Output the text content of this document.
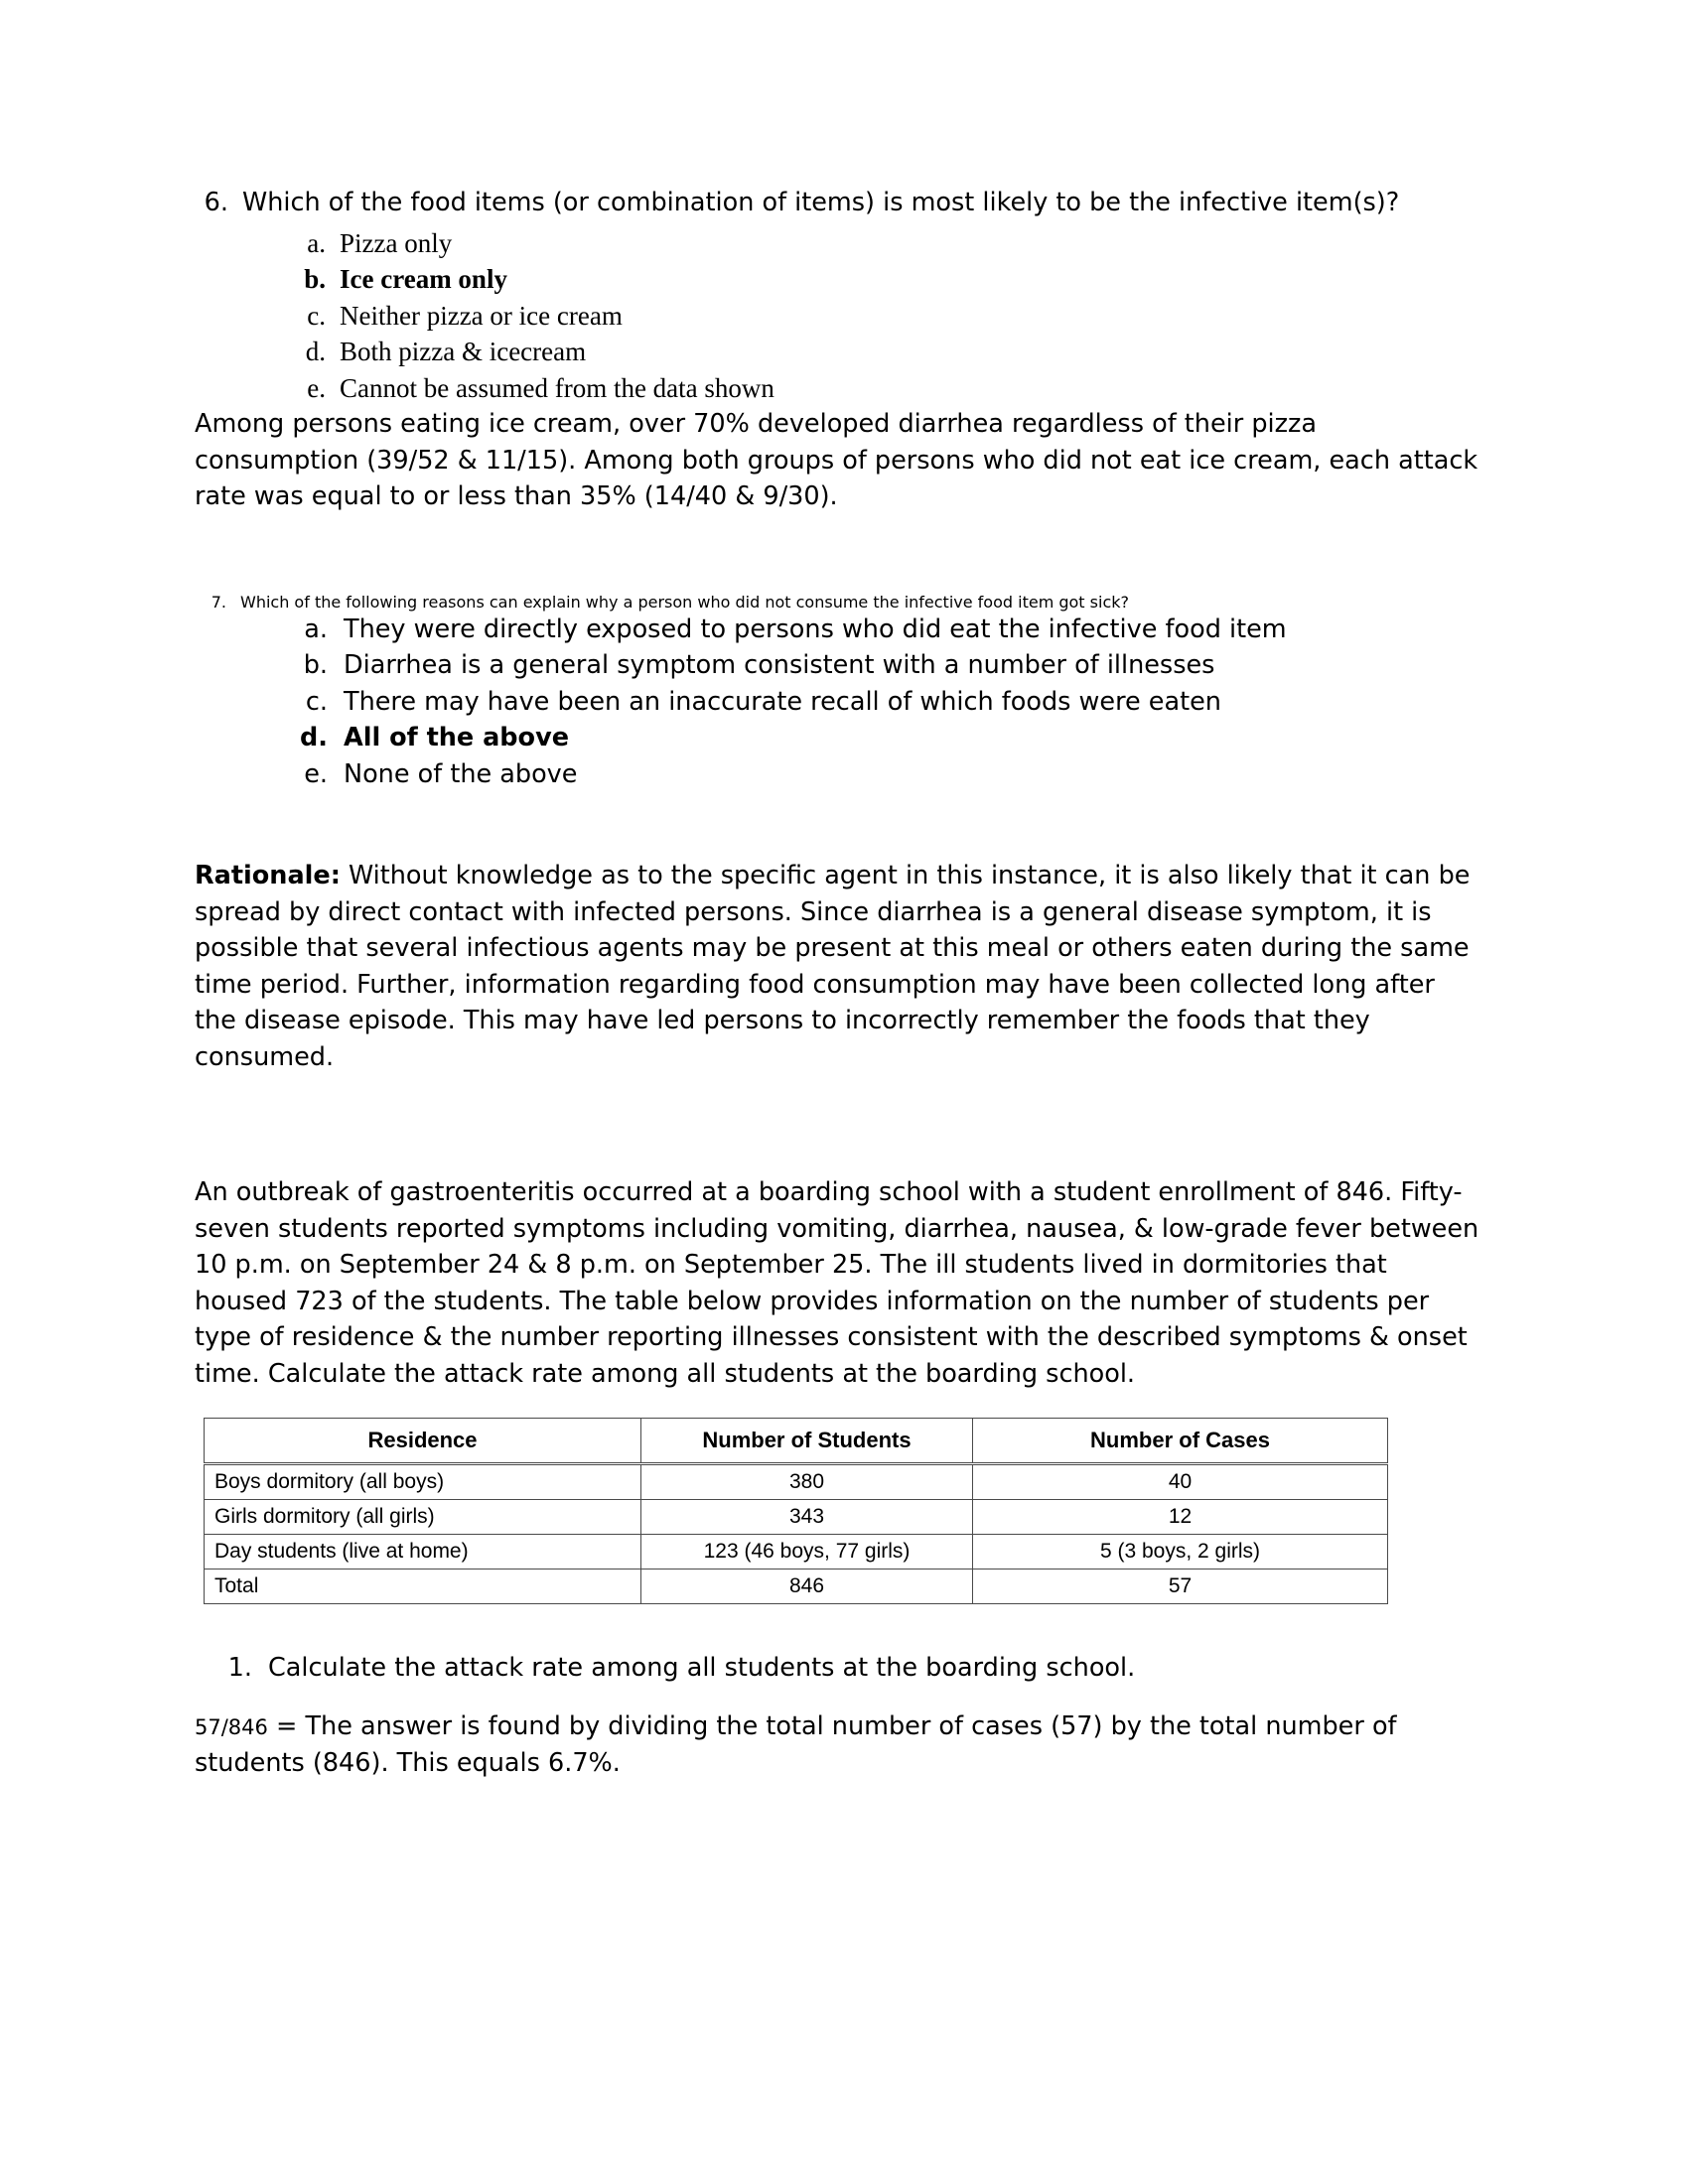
6. Which of the food items (or combination of items) is most likely to be the infective item(s)?
a. Pizza only
b. Ice cream only
c. Neither pizza or ice cream
d. Both pizza & icecream
e. Cannot be assumed from the data shown

Among persons eating ice cream, over 70% developed diarrhea regardless of their pizza consumption (39/52 & 11/15). Among both groups of persons who did not eat ice cream, each attack rate was equal to or less than 35% (14/40 & 9/30).

7. Which of the following reasons can explain why a person who did not consume the infective food item got sick?
a. They were directly exposed to persons who did eat the infective food item
b. Diarrhea is a general symptom consistent with a number of illnesses
c. There may have been an inaccurate recall of which foods were eaten
d. All of the above
e. None of the above

Rationale: Without knowledge as to the specific agent in this instance, it is also likely that it can be spread by direct contact with infected persons. Since diarrhea is a general disease symptom, it is possible that several infectious agents may be present at this meal or others eaten during the same time period. Further, information regarding food consumption may have been collected long after the disease episode. This may have led persons to incorrectly remember the foods that they consumed.

An outbreak of gastroenteritis occurred at a boarding school with a student enrollment of 846. Fifty-seven students reported symptoms including vomiting, diarrhea, nausea, & low-grade fever between 10 p.m. on September 24 & 8 p.m. on September 25. The ill students lived in dormitories that housed 723 of the students. The table below provides information on the number of students per type of residence & the number reporting illnesses consistent with the described symptoms & onset time. Calculate the attack rate among all students at the boarding school.

Residence	Number of Students	Number of Cases
Boys dormitory (all boys)	380	40
Girls dormitory (all girls)	343	12
Day students (live at home)	123 (46 boys, 77 girls)	5 (3 boys, 2 girls)
Total	846	57
1. Calculate the attack rate among all students at the boarding school.

57/846 = The answer is found by dividing the total number of cases (57) by the total number of students (846). This equals 6.7%.
